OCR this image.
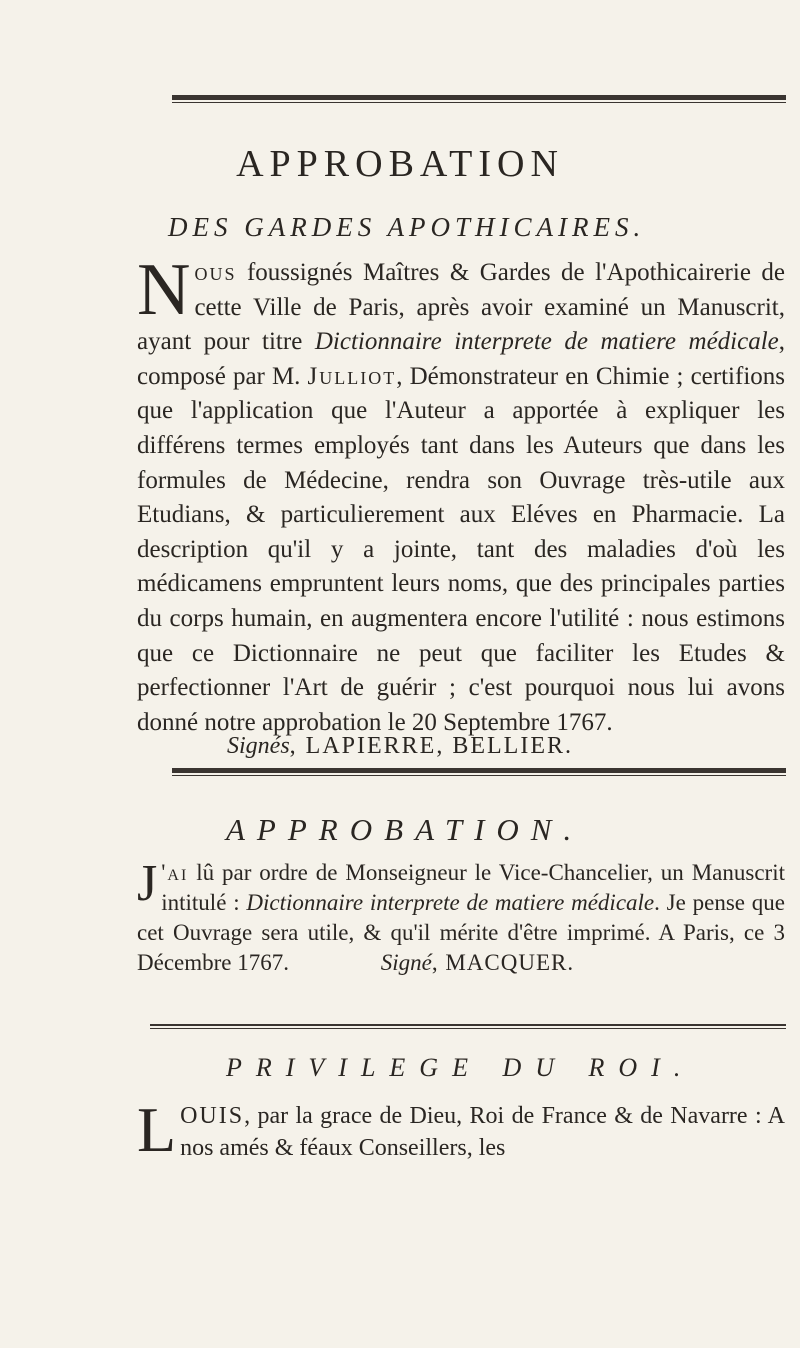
APPROBATION
DES GARDES APOTHICAIRES.
Nous foussignés Maîtres & Gardes de l'Apothicairerie de cette Ville de Paris, après avoir examiné un Manuscrit, ayant pour titre Dictionnaire interprete de matiere médicale, composé par M. Julliot, Démonstrateur en Chimie ; certifions que l'application que l'Auteur a apportée à expliquer les différens termes employés tant dans les Auteurs que dans les formules de Médecine, rendra son Ouvrage très-utile aux Etudians, & particulierement aux Eléves en Pharmacie. La description qu'il y a jointe, tant des maladies d'où les médicamens empruntent leurs noms, que des principales parties du corps humain, en augmentera encore l'utilité : nous estimons que ce Dictionnaire ne peut que faciliter les Etudes & perfectionner l'Art de guérir ; c'est pourquoi nous lui avons donné notre approbation le 20 Septembre 1767.
Signés, LAPIERRE, BELLIER.
APPROBATION.
J 'ai lû par ordre de Monseigneur le Vice-Chancelier, un Manuscrit intitulé : Dictionnaire interprete de matiere médicale. Je pense que cet Ouvrage sera utile, & qu'il mérite d'être imprimé. A Paris, ce 3 Décembre 1767.	Signé, MACQUER.
PRIVILEGE DU ROI.
LOUIS, par la grace de Dieu, Roi de France & de Navarre : A nos amés & féaux Conseillers, les
